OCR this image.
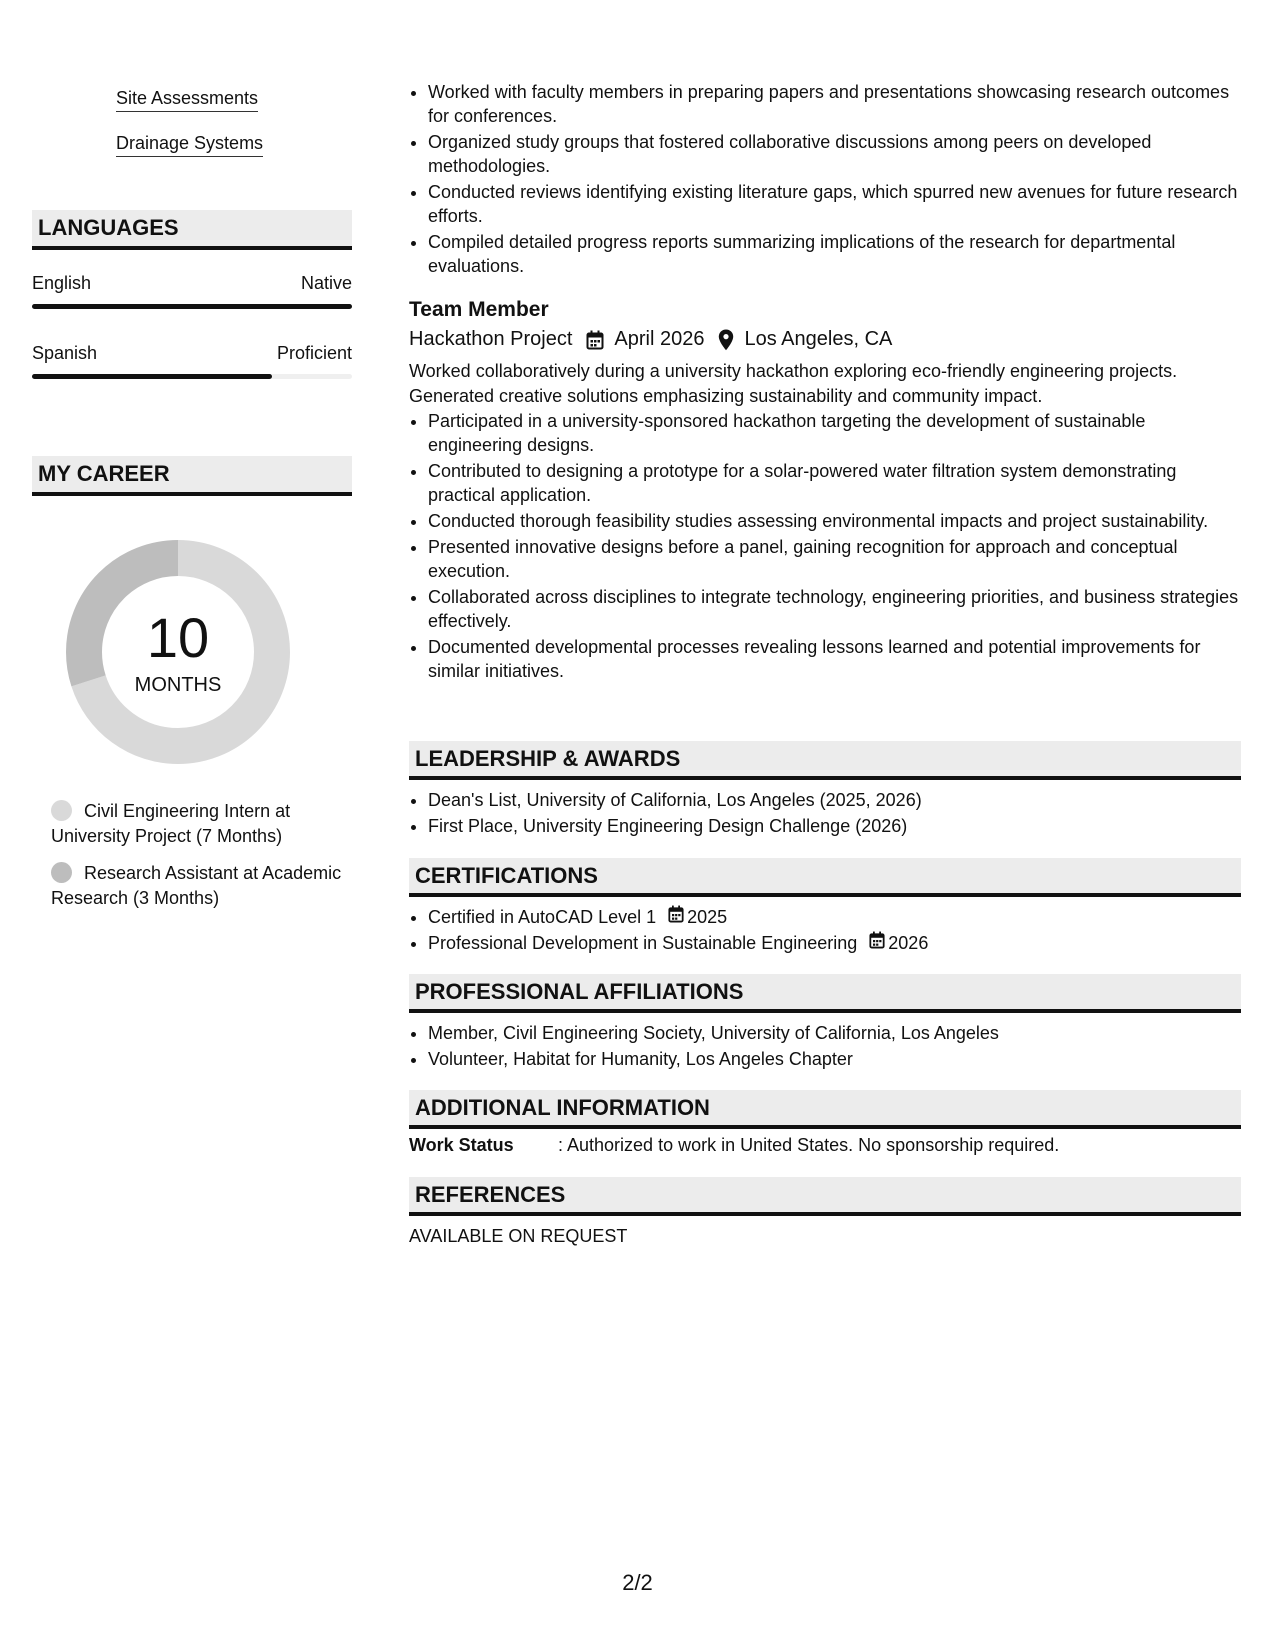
Site Assessments
Drainage Systems
LANGUAGES
English	Native
Spanish	Proficient
MY CAREER
10
MONTHS
Civil Engineering Intern at University Project (7 Months)
Research Assistant at Academic Research (3 Months)
• Worked with faculty members in preparing papers and presentations showcasing research outcomes for conferences.
• Organized study groups that fostered collaborative discussions among peers on developed methodologies.
• Conducted reviews identifying existing literature gaps, which spurred new avenues for future research efforts.
• Compiled detailed progress reports summarizing implications of the research for departmental evaluations.
Team Member
Hackathon Project April 2026 Los Angeles, CA
Worked collaboratively during a university hackathon exploring eco-friendly engineering projects. Generated creative solutions emphasizing sustainability and community impact.
• Participated in a university-sponsored hackathon targeting the development of sustainable engineering designs.
• Contributed to designing a prototype for a solar-powered water filtration system demonstrating practical application.
• Conducted thorough feasibility studies assessing environmental impacts and project sustainability.
• Presented innovative designs before a panel, gaining recognition for approach and conceptual execution.
• Collaborated across disciplines to integrate technology, engineering priorities, and business strategies effectively.
• Documented developmental processes revealing lessons learned and potential improvements for similar initiatives.
LEADERSHIP & AWARDS
• Dean's List, University of California, Los Angeles (2025, 2026)
• First Place, University Engineering Design Challenge (2026)
CERTIFICATIONS
• Certified in AutoCAD Level 1 2025
• Professional Development in Sustainable Engineering 2026
PROFESSIONAL AFFILIATIONS
• Member, Civil Engineering Society, University of California, Los Angeles
• Volunteer, Habitat for Humanity, Los Angeles Chapter
ADDITIONAL INFORMATION
Work Status : Authorized to work in United States. No sponsorship required.
REFERENCES
AVAILABLE ON REQUEST
2/2
